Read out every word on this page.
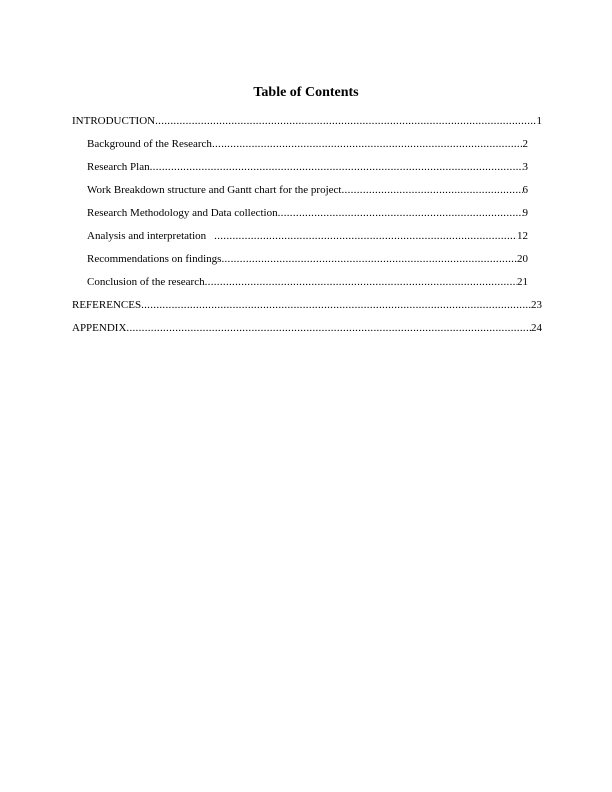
Table of Contents
INTRODUCTION .....	1
Background of the Research .....	2
Research Plan .....	3
Work Breakdown structure and Gantt chart for the project .....	6
Research Methodology and Data collection .....	9
Analysis and interpretation .....	12
Recommendations on findings .....	20
Conclusion of the research .....	21
REFERENCES .....	23
APPENDIX .....	24
